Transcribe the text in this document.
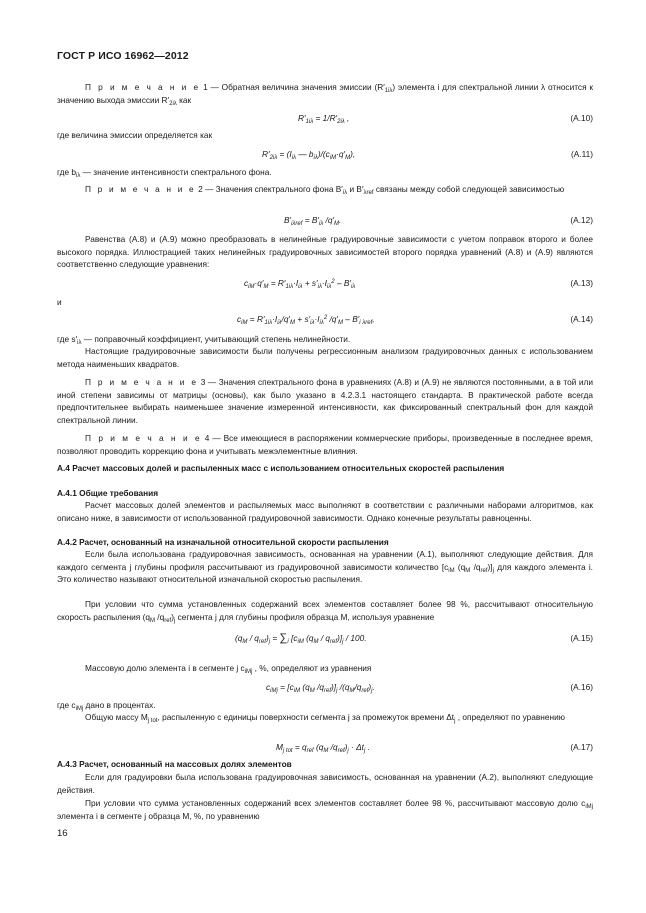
ГОСТ Р ИСО 16962—2012
П р и м е ч а н и е 1 — Обратная величина значения эмиссии $(R'_{1i\lambda})$ элемента i для спектральной линии λ относится к значению выхода эмиссии $R'_{2i\lambda}$ как
$R'_{1i\lambda} = 1/R'_{2i\lambda}$ ,	(А.10)
где величина эмиссии определяется как
$R'_{2i\lambda} = (I_{i\lambda}$ — $b_{i\lambda})/(c_{iM}\cdot q'_M)$,	(А.11)
где $b_{i\lambda}$ — значение интенсивности спектрального фона.
П р и м е ч а н и е 2 — Значения спектрального фона $B'_{i\lambda}$ и $B'_{\lambda ref}$ связаны между собой следующей зависимостью
$B'_{i\lambda ref} = B'_{i\lambda}$ $/q'_M$.	(А.12)
Равенства (А.8) и (А.9) можно преобразовать в нелинейные градуировочные зависимости с учетом поправок второго и более высокого порядка. Иллюстрацией таких нелинейных градуировочных зависимостей второго порядка уравнений (А.8) и (А.9) являются соответственно следующие уравнения:
$c_{iM}\cdot q'_M = R'_{1i\lambda}\cdot I_{i\lambda} + s'_{i\lambda}\cdot I_{i\lambda}^2 - B'_{i\lambda}$	(А.13)
и
$c_{iM} = R'_{1i\lambda}\cdot I_{i\lambda}/q'_M + s'_{i\lambda}\cdot I_{i\lambda}^2$ $/q'_M - B'_{i \lambda ref}$,	(А.14)
где $s'_{i\lambda}$ — поправочный коэффициент, учитывающий степень нелинейности.
Настоящие градуировочные зависимости были получены регрессионным анализом градуировочных данных с использованием метода наименьших квадратов.
П р и м е ч а н и е 3 — Значения спектрального фона в уравнениях (А.8) и (А.9) не являются постоянными, а в той или иной степени зависимы от матрицы (основы), как было указано в 4.2.3.1 настоящего стандарта. В практической работе всегда предпочтительнее выбирать наименьшее значение измеренной интенсивности, как фиксированный спектральный фон для каждой спектральной линии.
П р и м е ч а н и е 4 — Все имеющиеся в распоряжении коммерческие приборы, произведенные в последнее время, позволяют проводить коррекцию фона и учитывать межэлементные влияния.
А.4 Расчет массовых долей и распыленных масс с использованием относительных скоростей распыления
А.4.1 Общие требования
Расчет массовых долей элементов и распыляемых масс выполняют в соответствии с различными наборами алгоритмов, как описано ниже, в зависимости от использованной градуировочной зависимости. Однако конечные результаты равноценны.
А.4.2 Расчет, основанный на изначальной относительной скорости распыления
Если была использована градуировочная зависимость, основанная на уравнении (А.1), выполняют следующие действия. Для каждого сегмента j глубины профиля рассчитывают из градуировочной зависимости количество [$c_{iM}$ ($q_M$ $/q_{ref})]_j$ для каждого элемента i. Это количество называют относительной изначальной скоростью распыления.
При условии что сумма установленных содержаний всех элементов составляет более 98 %, рассчитывают относительную скорость распыления ($q_M$ $/q_{ref})_j$ сегмента j для глубины профиля образца M, используя уравнение
$(q_M / q_{ref})_j = \sum_i$ [$c_{iM}$ $(q_M / q_{ref})]_j / 100$.	(А.15)
Массовую долю элемента i в сегменте j $c_{iMj}$ , %, определяют из уравнения
$c_{iMj} = [c_{iM}$ ($q_M$ $/q_{ref})]_j$ $/(q_M/q_{ref})_j$.	(А.16)
где $c_{iMj}$ дано в процентах.
Общую массу $M_{j tot}$, распыленную с единицы поверхности сегмента j за промежуток времени $\Delta t_j$ , определяют по уравнению
$M_{j tot} = q_{ref}$ ($q_M$ $/q_{ref})_j \cdot \Delta t_j$ .	(А.17)
А.4.3 Расчет, основанный на массовых долях элементов
Если для градуировки была использована градуировочная зависимость, основанная на уравнении (А.2), выполняют следующие действия.
При условии что сумма установленных содержаний всех элементов составляет более 98 %, рассчитывают массовую долю $c_{iMj}$ элемента i в сегменте j образца M, %, по уравнению
16
